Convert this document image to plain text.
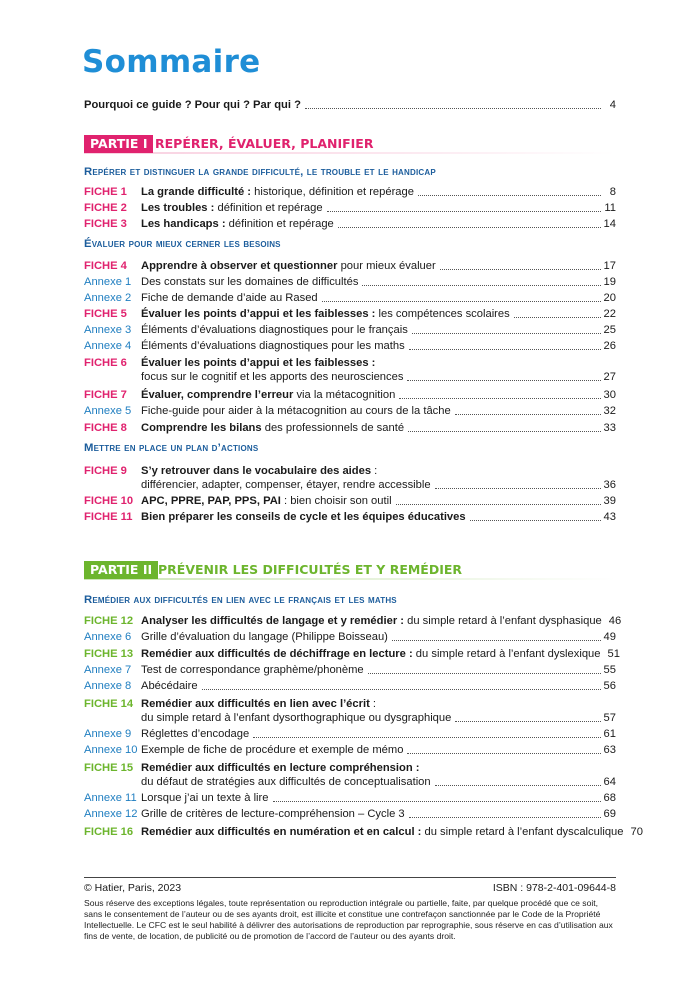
Sommaire
Pourquoi ce guide ? Pour qui ? Par qui ?	4
PARTIE I REPÉRER, ÉVALUER, PLANIFIER
Repérer et distinguer la grande difficulté, le trouble et le handicap
PARTIE II PRÉVENIR LES DIFFICULTÉS ET Y REMÉDIER
Remédier aux difficultés en lien avec le français et les maths
Évaluer pour mieux cerner les besoins
Mettre en place un plan d’actions
FICHE 1	La grande difficulté : historique, définition et repérage	8
FICHE 2	Les troubles : définition et repérage	11
FICHE 3	Les handicaps : définition et repérage	14
FICHE 4	Apprendre à observer et questionner pour mieux évaluer	17
Annexe 1 Des constats sur les domaines de difficultés	19
Annexe 2 Fiche de demande d’aide au Rased	20
FICHE 5	Évaluer les points d’appui et les faiblesses : les compétences scolaires	22
Annexe 3 Éléments d’évaluations diagnostiques pour le français	25
Annexe 4 Éléments d’évaluations diagnostiques pour les maths	26
FICHE 6	Évaluer les points d’appui et les faiblesses :
focus sur le cognitif et les apports des neurosciences	27
FICHE 7	Évaluer, comprendre l’erreur via la métacognition	30
Annexe 5 Fiche-guide pour aider à la métacognition au cours de la tâche	32
FICHE 8	Comprendre les bilans des professionnels de santé	33
FICHE 9	S’y retrouver dans le vocabulaire des aides :
différencier, adapter, compenser, étayer, rendre accessible	36
FICHE 10 APC, PPRE, PAP, PPS, PAI : bien choisir son outil	39
FICHE 11 Bien préparer les conseils de cycle et les équipes éducatives	43
FICHE 12 Analyser les difficultés de langage et y remédier : du simple retard à l’enfant dysphasique 46
Annexe 6 Grille d’évaluation du langage (Philippe Boisseau)	49
FICHE 13 Remédier aux difficultés de déchiffrage en lecture : du simple retard à l’enfant dyslexique 51
Annexe 7 Test de correspondance graphème/phonème	55
Annexe 8 Abécédaire	56
FICHE 14 Remédier aux difficultés en lien avec l’écrit :
du simple retard à l’enfant dysorthographique ou dysgraphique	57
Annexe 9 Réglettes d’encodage	61
Annexe 10 Exemple de fiche de procédure et exemple de mémo	63
FICHE 15 Remédier aux difficultés en lecture compréhension :
du défaut de stratégies aux difficultés de conceptualisation	64
Annexe 11 Lorsque j’ai un texte à lire	68
Annexe 12 Grille de critères de lecture-compréhension – Cycle 3	69
FICHE 16 Remédier aux difficultés en numération et en calcul : du simple retard à l’enfant dyscalculique 70
© Hatier, Paris, 2023	ISBN : 978-2-401-09644-8
Sous réserve des exceptions légales, toute représentation ou reproduction intégrale ou partielle, faite, par quelque procédé que ce soit, sans le consentement de l’auteur ou de ses ayants droit, est illicite et constitue une contrefaçon sanctionnée par le Code de la Propriété Intellectuelle. Le CFC est le seul habilité à délivrer des autorisations de reproduction par reprographie, sous réserve en cas d’utilisation aux fins de vente, de location, de publicité ou de promotion de l’accord de l’auteur ou des ayants droit.
